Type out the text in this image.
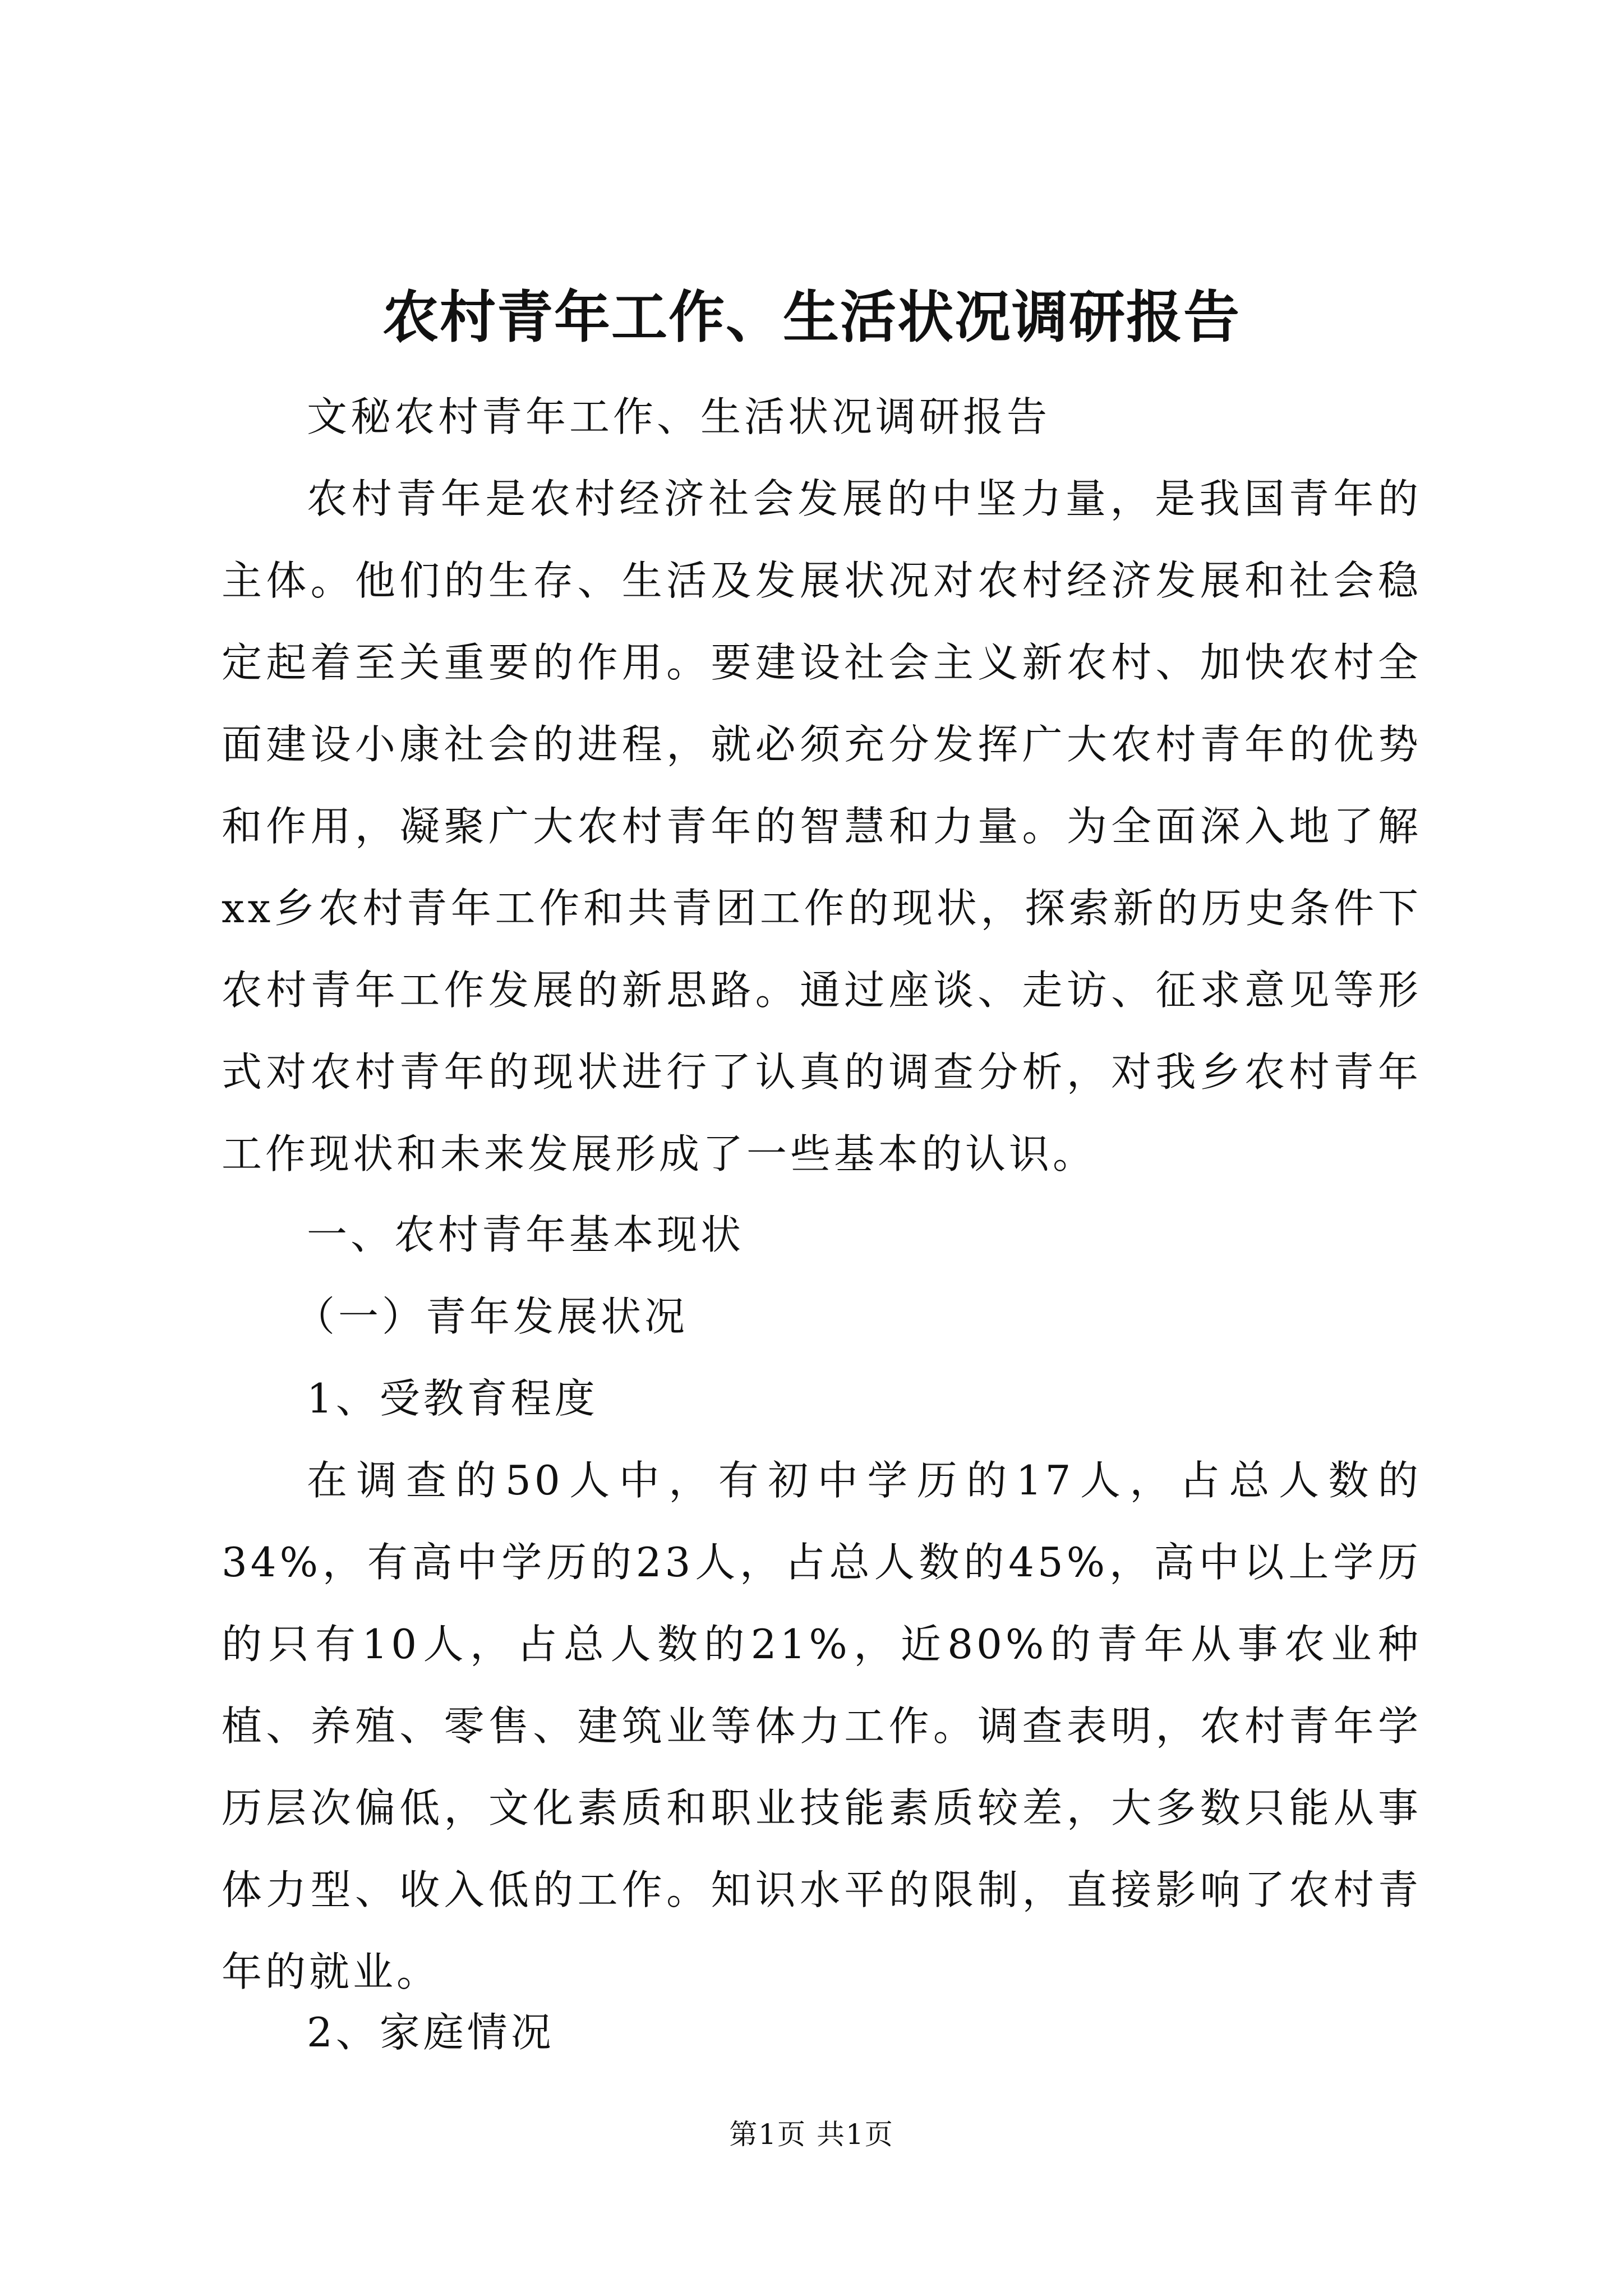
农村青年工作、生活状况调研报告

文秘农村青年工作、生活状况调研报告

农村青年是农村经济社会发展的中坚力量，是我国青年的主体。他们的生存、生活及发展状况对农村经济发展和社会稳定起着至关重要的作用。要建设社会主义新农村、加快农村全面建设小康社会的进程，就必须充分发挥广大农村青年的优势和作用，凝聚广大农村青年的智慧和力量。为全面深入地了解xx乡农村青年工作和共青团工作的现状，探索新的历史条件下农村青年工作发展的新思路。通过座谈、走访、征求意见等形式对农村青年的现状进行了认真的调查分析，对我乡农村青年工作现状和未来发展形成了一些基本的认识。

一、农村青年基本现状

（一）青年发展状况

1、受教育程度

在调查的50人中，有初中学历的17人，占总人数的34%，有高中学历的23人，占总人数的45%，高中以上学历的只有10人，占总人数的21%，近80%的青年从事农业种植、养殖、零售、建筑业等体力工作。调查表明，农村青年学历层次偏低，文化素质和职业技能素质较差，大多数只能从事体力型、收入低的工作。知识水平的限制，直接影响了农村青年的就业。

2、家庭情况

第1页 共1页
